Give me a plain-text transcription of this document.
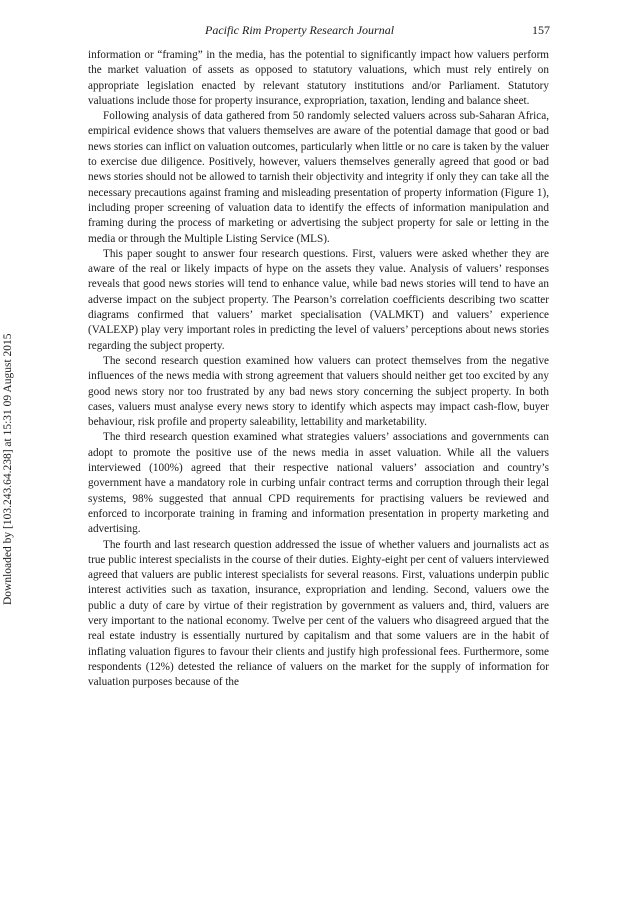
Pacific Rim Property Research Journal	157
Downloaded by [103.243.64.238] at 15:31 09 August 2015

information or “framing” in the media, has the potential to significantly impact how valuers perform the market valuation of assets as opposed to statutory valuations, which must rely entirely on appropriate legislation enacted by relevant statutory institutions and/or Parliament. Statutory valuations include those for property insurance, expropriation, taxation, lending and balance sheet.

Following analysis of data gathered from 50 randomly selected valuers across sub-Saharan Africa, empirical evidence shows that valuers themselves are aware of the potential damage that good or bad news stories can inflict on valuation outcomes, particularly when little or no care is taken by the valuer to exercise due diligence. Positively, however, valuers themselves generally agreed that good or bad news stories should not be allowed to tarnish their objectivity and integrity if only they can take all the necessary precautions against framing and misleading presentation of property information (Figure 1), including proper screening of valuation data to identify the effects of information manipulation and framing during the process of marketing or advertising the subject property for sale or letting in the media or through the Multiple Listing Service (MLS).

This paper sought to answer four research questions. First, valuers were asked whether they are aware of the real or likely impacts of hype on the assets they value. Analysis of valuers’ responses reveals that good news stories will tend to enhance value, while bad news stories will tend to have an adverse impact on the subject property. The Pearson’s correlation coefficients describing two scatter diagrams confirmed that valuers’ market specialisation (VALMKT) and valuers’ experience (VALEXP) play very important roles in predicting the level of valuers’ perceptions about news stories regarding the subject property.

The second research question examined how valuers can protect themselves from the negative influences of the news media with strong agreement that valuers should neither get too excited by any good news story nor too frustrated by any bad news story concerning the subject property. In both cases, valuers must analyse every news story to identify which aspects may impact cash-flow, buyer behaviour, risk profile and property saleability, lettability and marketability.

The third research question examined what strategies valuers’ associations and governments can adopt to promote the positive use of the news media in asset valuation. While all the valuers interviewed (100%) agreed that their respective national valuers’ association and country’s government have a mandatory role in curbing unfair contract terms and corruption through their legal systems, 98% suggested that annual CPD requirements for practising valuers be reviewed and enforced to incorporate training in framing and information presentation in property marketing and advertising.

The fourth and last research question addressed the issue of whether valuers and journalists act as true public interest specialists in the course of their duties. Eighty-eight per cent of valuers interviewed agreed that valuers are public interest specialists for several reasons. First, valuations underpin public interest activities such as taxation, insurance, expropriation and lending. Second, valuers owe the public a duty of care by virtue of their registration by government as valuers and, third, valuers are very important to the national economy. Twelve per cent of the valuers who disagreed argued that the real estate industry is essentially nurtured by capitalism and that some valuers are in the habit of inflating valuation figures to favour their clients and justify high professional fees. Furthermore, some respondents (12%) detested the reliance of valuers on the market for the supply of information for valuation purposes because of the
